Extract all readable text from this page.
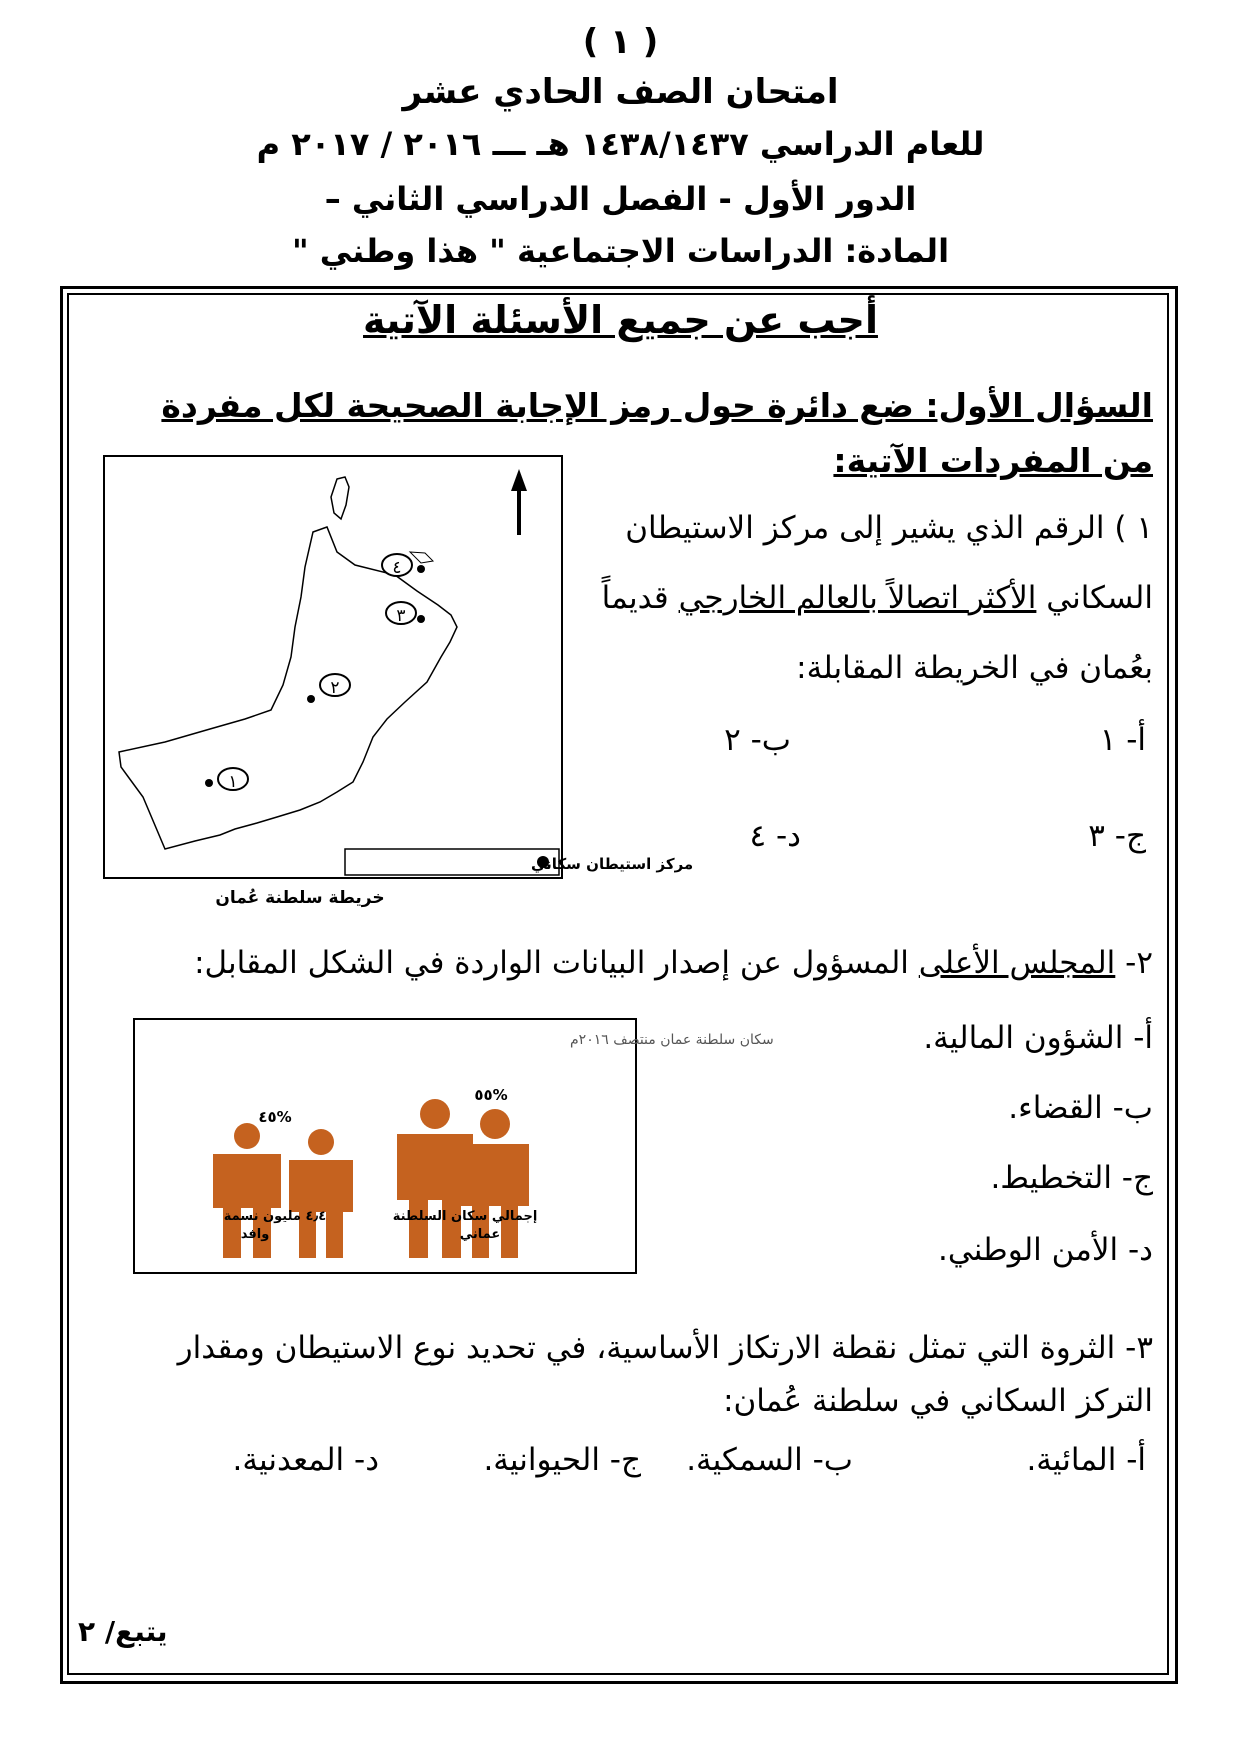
( ١ )
امتحان الصف الحادي عشر
للعام الدراسي ١٤٣٨/١٤٣٧ هـ ـــ ٢٠١٦ / ٢٠١٧ م
الدور الأول - الفصل الدراسي الثاني –
المادة: الدراسات الاجتماعية " هذا وطني "
أجب عن جميع الأسئلة الآتية
السؤال الأول: ضع دائرة حول رمز الإجابة الصحيحة لكل مفردة من المفردات الآتية:
١ ) الرقم الذي يشير إلى مركز الاستيطان
السكاني الأكثر اتصالاً بالعالم الخارجي قديماً
بعُمان في الخريطة المقابلة:
أ- ١
ب- ٢
ج- ٣
د- ٤
٤
٣
٢
١
مركز استيطان سكاني
خريطة سلطنة عُمان
٢- المجلس الأعلى المسؤول عن إصدار البيانات الواردة في الشكل المقابل:
أ- الشؤون المالية.
ب- القضاء.
ج- التخطيط.
د- الأمن الوطني.
سكان سلطنة عمان منتصف ٢٠١٦م
٤٥%
٥٥%
٤٫٤ مليون نسمة
وافد
إجمالي سكان السلطنة
عماني
٣- الثروة التي تمثل نقطة الارتكاز الأساسية، في تحديد نوع الاستيطان ومقدار
التركز السكاني في سلطنة عُمان:
أ- المائية.
ب- السمكية.
ج- الحيوانية.
د- المعدنية.
يتبع/ ٢
